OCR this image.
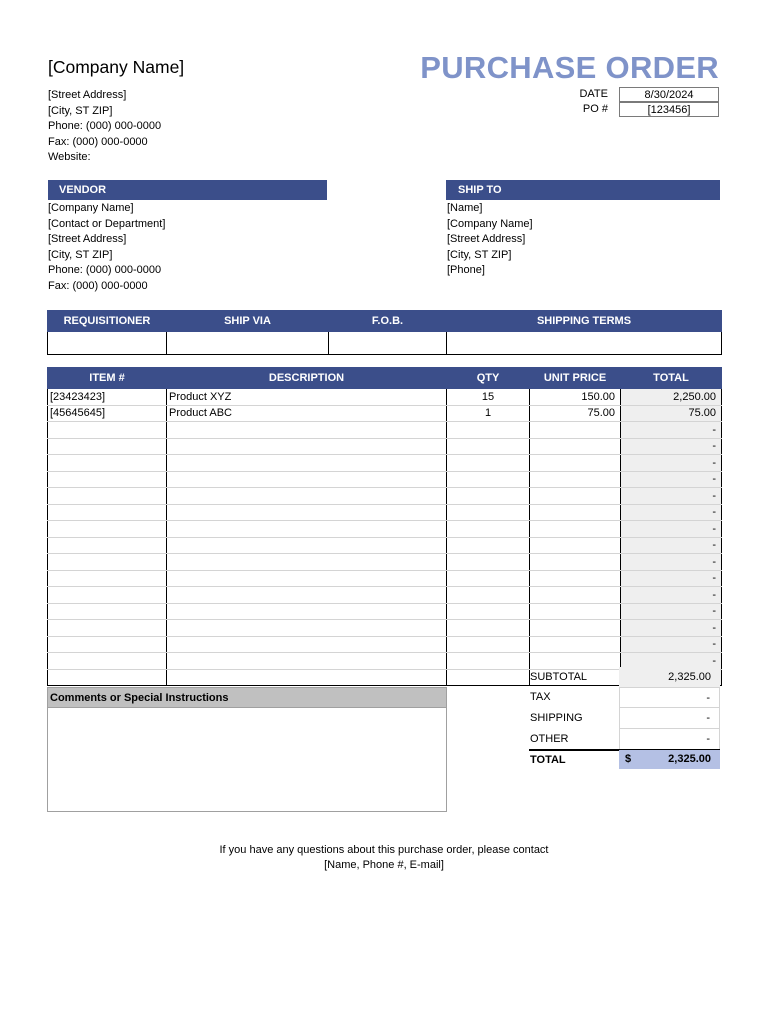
[Company Name]
[Street Address]
[City, ST ZIP]
Phone: (000) 000-0000
Fax: (000) 000-0000
Website:
PURCHASE ORDER
DATE	8/30/2024
PO #	[123456]
VENDOR
[Company Name]
[Contact or Department]
[Street Address]
[City, ST ZIP]
Phone: (000) 000-0000
Fax: (000) 000-0000
SHIP TO
[Name]
[Company Name]
[Street Address]
[City, ST ZIP]
[Phone]
REQUISITIONER	SHIP VIA	F.O.B.	SHIPPING TERMS

ITEM #	DESCRIPTION	QTY	UNIT PRICE	TOTAL
[23423423]	Product XYZ	15	150.00	2,250.00
[45645645]	Product ABC	1	75.00	75.00
				-
				-
				-
				-
				-
				-
				-
				-
				-
				-
				-
				-
				-
				-
				-

SUBTOTAL	2,325.00
TAX	-
SHIPPING	-
OTHER	-
TOTAL	2,325.00
$
Comments or Special Instructions
If you have any questions about this purchase order, please contact
[Name, Phone #, E-mail]
